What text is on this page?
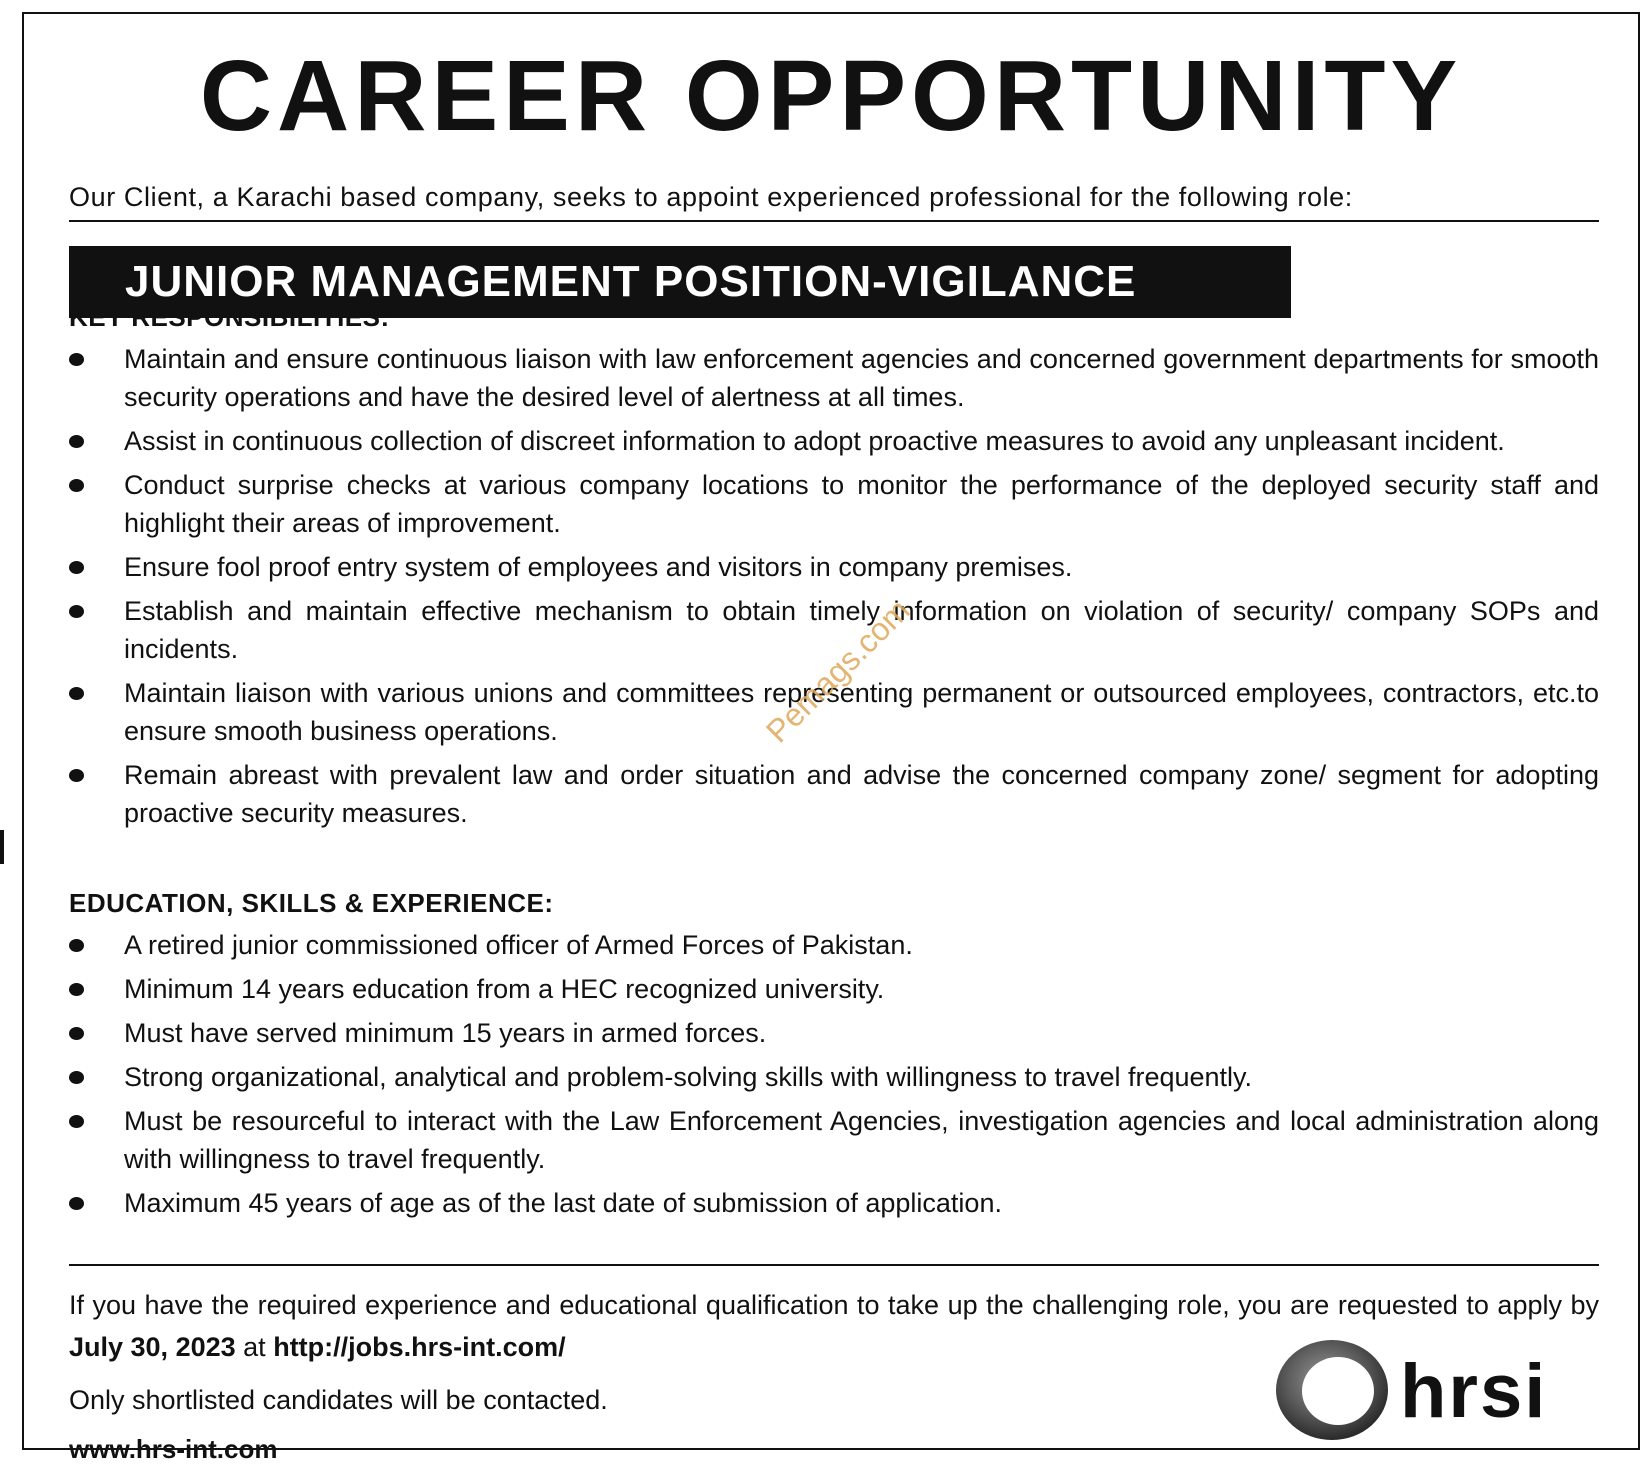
CAREER OPPORTUNITY

Our Client, a Karachi based company, seeks to appoint experienced professional for the following role:

JUNIOR MANAGEMENT POSITION-VIGILANCE
KEY RESPONSIBILITIES:
Maintain and ensure continuous liaison with law enforcement agencies and concerned government departments for smooth security operations and have the desired level of alertness at all times.
Assist in continuous collection of discreet information to adopt proactive measures to avoid any unpleasant incident.
Conduct surprise checks at various company locations to monitor the performance of the deployed security staff and highlight their areas of improvement.
Ensure fool proof entry system of employees and visitors in company premises.
Establish and maintain effective mechanism to obtain timely information on violation of security/ company SOPs and incidents.
Maintain liaison with various unions and committees representing permanent or outsourced employees, contractors, etc.to ensure smooth business operations.
Remain abreast with prevalent law and order situation and advise the concerned company zone/ segment for adopting proactive security measures.
EDUCATION, SKILLS & EXPERIENCE:
A retired junior commissioned officer of Armed Forces of Pakistan.
Minimum 14 years education from a HEC recognized university.
Must have served minimum 15 years in armed forces.
Strong organizational, analytical and problem-solving skills with willingness to travel frequently.
Must be resourceful to interact with the Law Enforcement Agencies, investigation agencies and local administration along with willingness to travel frequently.
Maximum 45 years of age as of the last date of submission of application.

If you have the required experience and educational qualification to take up the challenging role, you are requested to apply by July 30, 2023 at http://jobs.hrs-int.com/

Only shortlisted candidates will be contacted.

www.hrs-int.com

Pemags.com
hrsi
